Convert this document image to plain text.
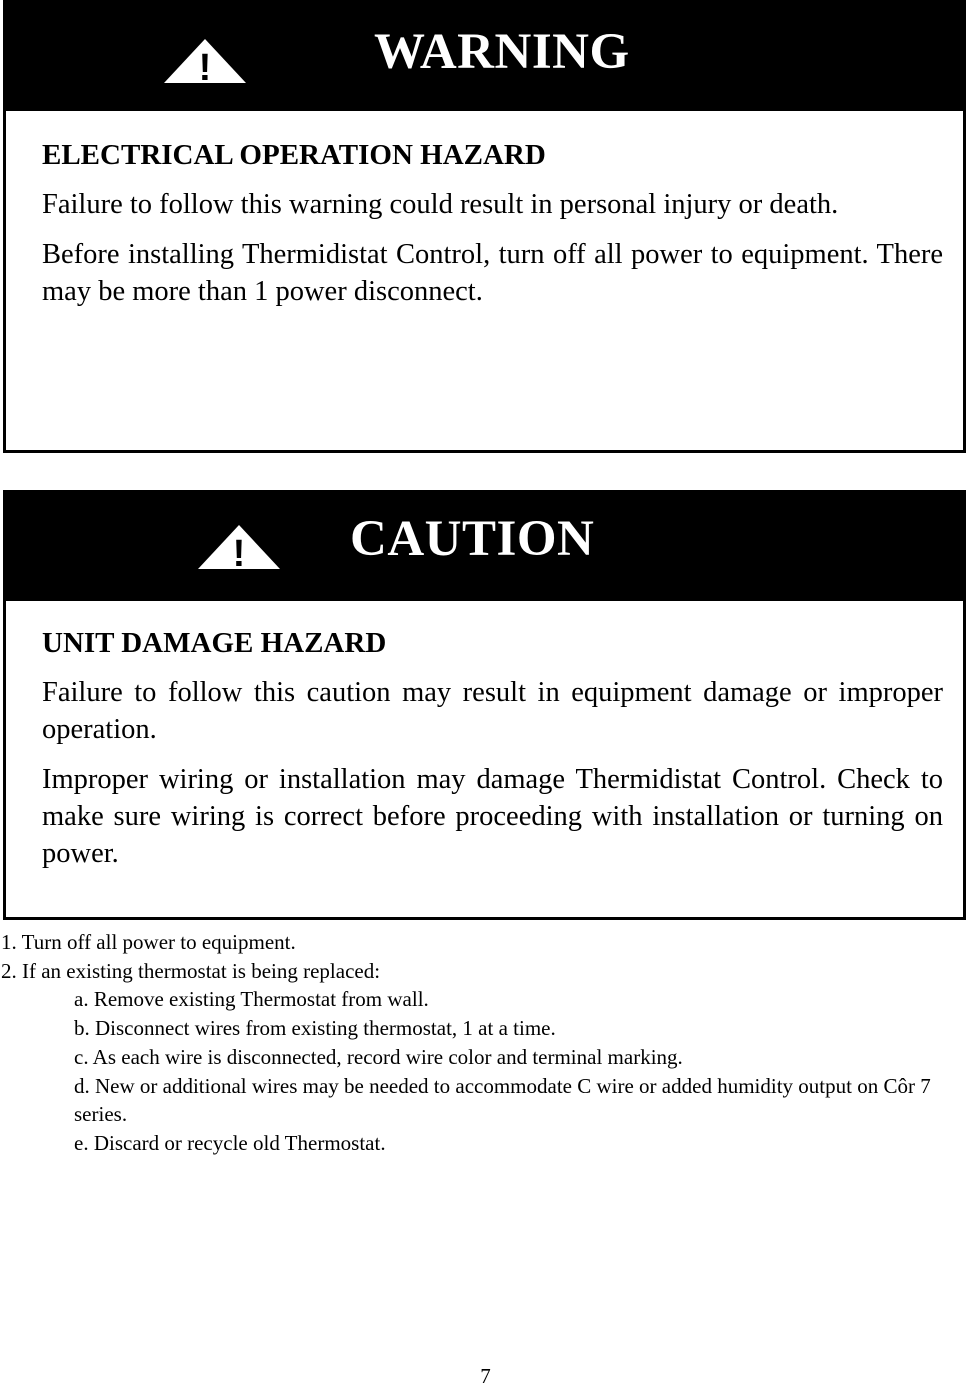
!	WARNING

ELECTRICAL OPERATION HAZARD

Failure to follow this warning could result in personal injury or death.

Before installing Thermidistat Control, turn off all power to equipment. There may be more than 1 power disconnect.

! CAUTION

UNIT DAMAGE HAZARD

Failure to follow this caution may result in equipment damage or improper operation.

Improper wiring or installation may damage Thermidistat Control. Check to make sure wiring is correct before proceeding with installation or turning on power.

1. Turn off all power to equipment.
2. If an existing thermostat is being replaced:
a. Remove existing Thermostat from wall.
b. Disconnect wires from existing thermostat, 1 at a time.
c. As each wire is disconnected, record wire color and terminal marking.
d. New or additional wires may be needed to accommodate C wire or added humidity output on Côr 7 series.
e. Discard or recycle old Thermostat.
7
